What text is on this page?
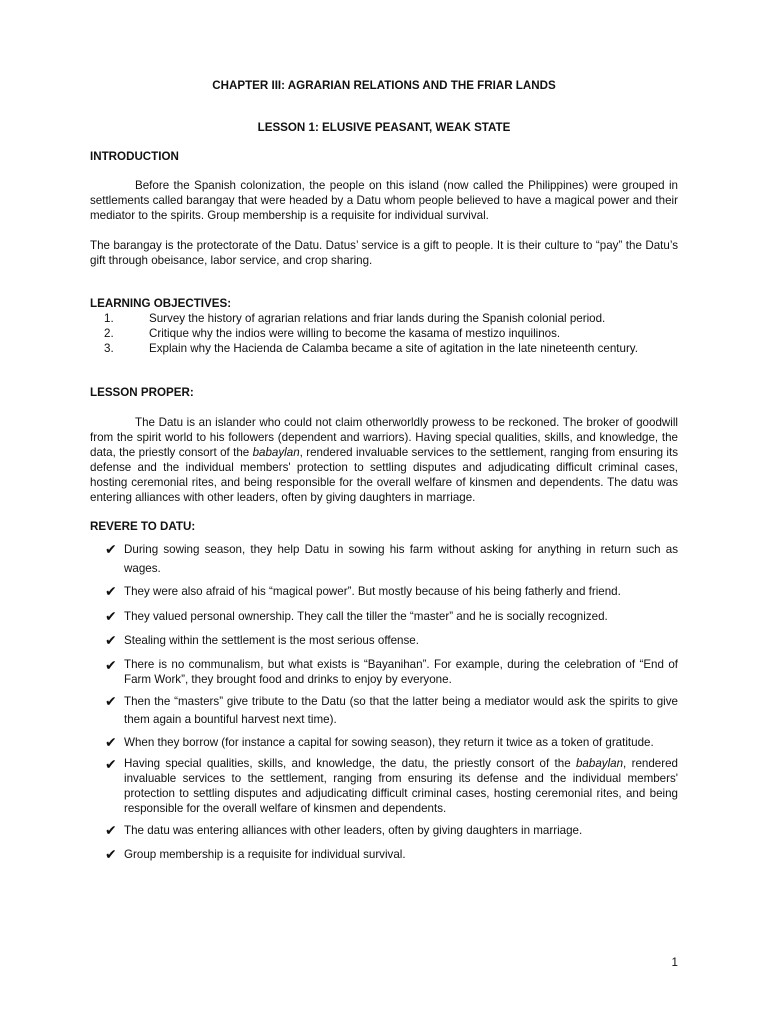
CHAPTER III: AGRARIAN RELATIONS AND THE FRIAR LANDS
LESSON 1: ELUSIVE PEASANT, WEAK STATE
INTRODUCTION

Before the Spanish colonization, the people on this island (now called the Philippines) were grouped in settlements called barangay that were headed by a Datu whom people believed to have a magical power and their mediator to the spirits. Group membership is a requisite for individual survival.

The barangay is the protectorate of the Datu. Datus’ service is a gift to people. It is their culture to “pay” the Datu’s gift through obeisance, labor service, and crop sharing.

LEARNING OBJECTIVES:
1.	Survey the history of agrarian relations and friar lands during the Spanish colonial period.
2.	Critique why the indios were willing to become the kasama of mestizo inquilinos.
3.	Explain why the Hacienda de Calamba became a site of agitation in the late nineteenth century.
LESSON PROPER:

The Datu is an islander who could not claim otherworldly prowess to be reckoned. The broker of goodwill from the spirit world to his followers (dependent and warriors). Having special qualities, skills, and knowledge, the data, the priestly consort of the babaylan, rendered invaluable services to the settlement, ranging from ensuring its defense and the individual members' protection to settling disputes and adjudicating difficult criminal cases, hosting ceremonial rites, and being responsible for the overall welfare of kinsmen and dependents. The datu was entering alliances with other leaders, often by giving daughters in marriage.

REVERE TO DATU:
✔ During sowing season, they help Datu in sowing his farm without asking for anything in return such as wages.
✔ They were also afraid of his “magical power”. But mostly because of his being fatherly and friend.
✔ They valued personal ownership. They call the tiller the “master” and he is socially recognized.
✔ Stealing within the settlement is the most serious offense.
✔ There is no communalism, but what exists is “Bayanihan”. For example, during the celebration of “End of Farm Work”, they brought food and drinks to enjoy by everyone.
✔ Then the “masters” give tribute to the Datu (so that the latter being a mediator would ask the spirits to give them again a bountiful harvest next time).
✔ When they borrow (for instance a capital for sowing season), they return it twice as a token of gratitude.
✔ Having special qualities, skills, and knowledge, the datu, the priestly consort of the babaylan, rendered invaluable services to the settlement, ranging from ensuring its defense and the individual members' protection to settling disputes and adjudicating difficult criminal cases, hosting ceremonial rites, and being responsible for the overall welfare of kinsmen and dependents.
✔ The datu was entering alliances with other leaders, often by giving daughters in marriage.
✔ Group membership is a requisite for individual survival.
1
